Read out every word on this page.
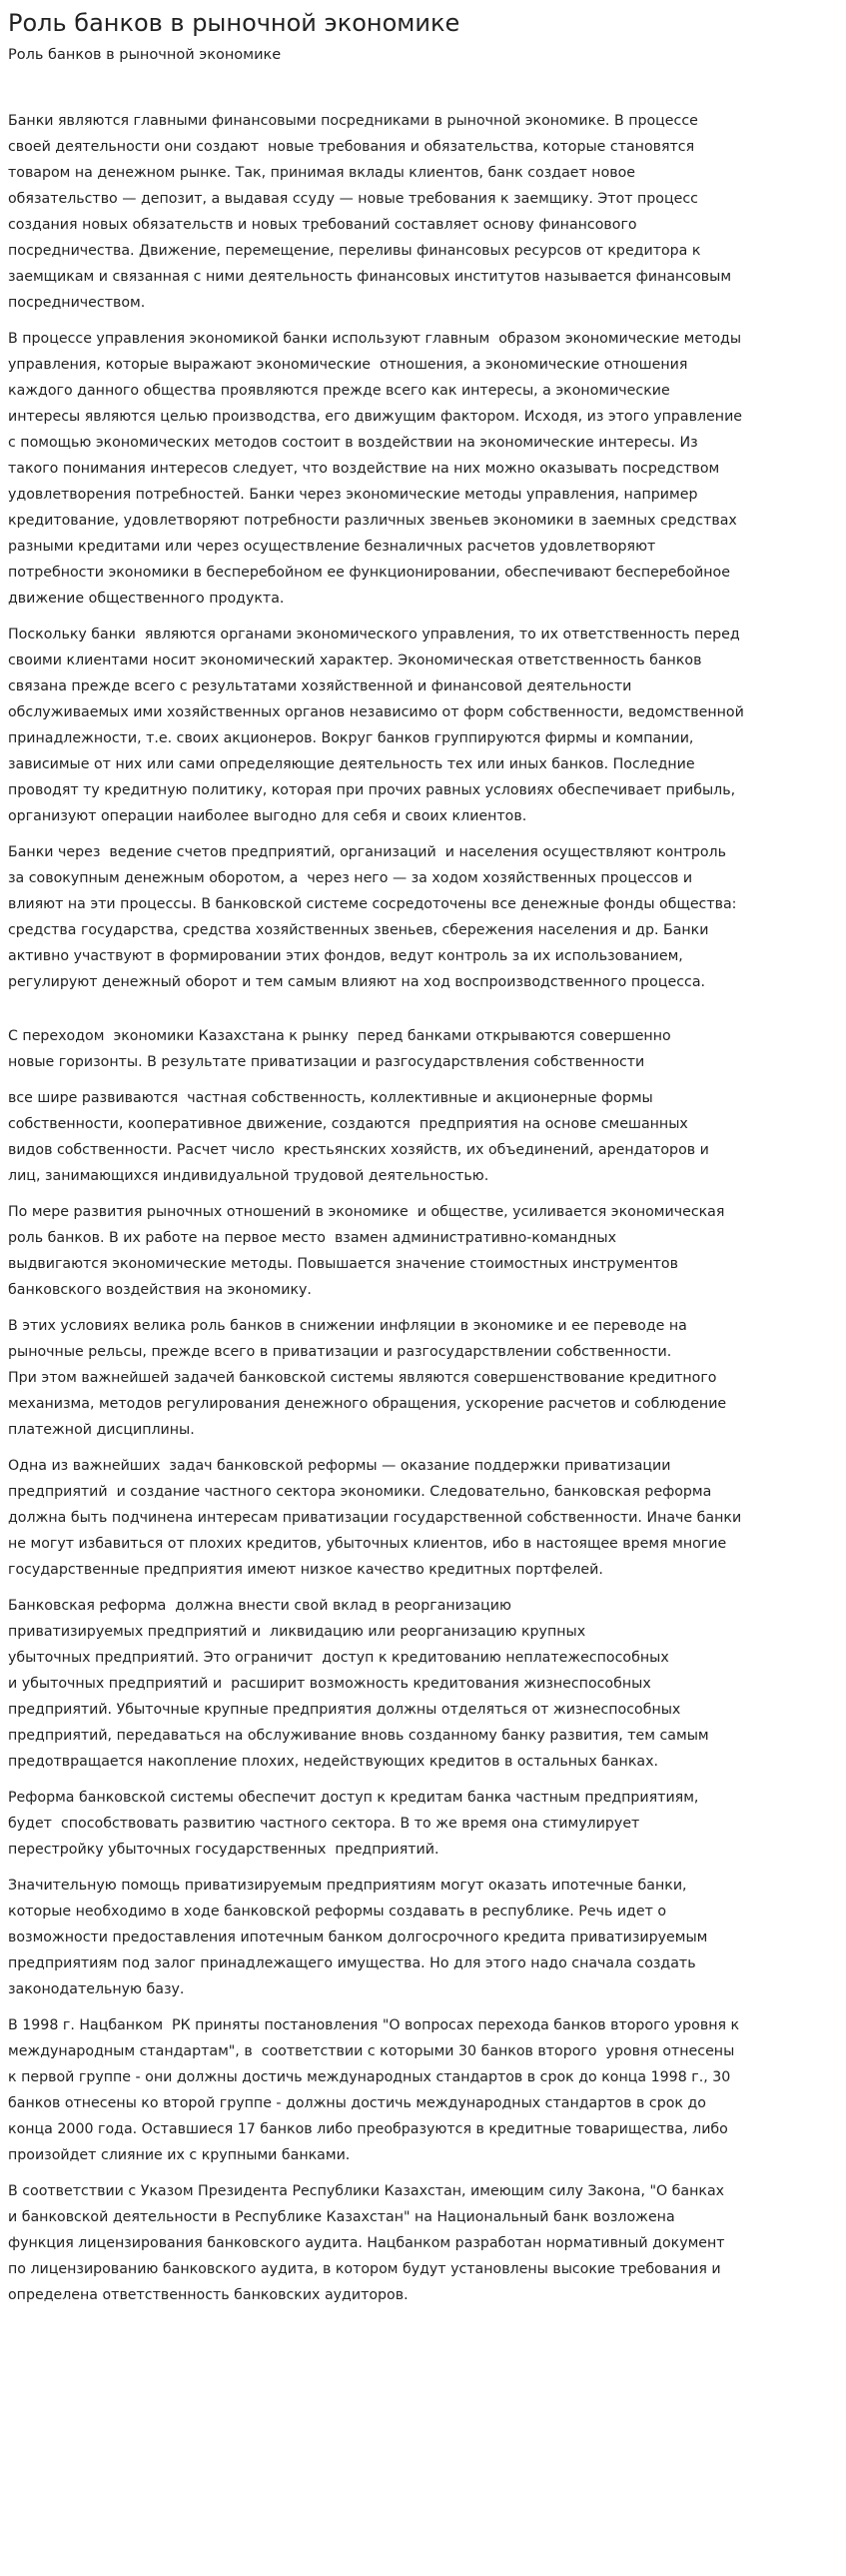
Роль банков в рыночной экономике
Роль банков в рыночной экономике
Банки являются главными финансовыми посредниками в рыночной экономике. В процессе
своей деятельности они создают  новые требования и обязательства, которые становятся
товаром на денежном рынке. Так, принимая вклады клиентов, банк создает новое
обязательство — депозит, а выдавая ссуду — новые требования к заемщику. Этот процесс
создания новых обязательств и новых требований составляет основу финансового
посредничества. Движение, перемещение, переливы финансовых ресурсов от кредитора к
заемщикам и связанная с ними деятельность финансовых институтов называется финансовым
посредничеством.
В процессе управления экономикой банки используют главным  образом экономические методы
управления, которые выражают экономические  отношения, а экономические отношения
каждого данного общества проявляются прежде всего как интересы, а экономические
интересы являются целью производства, его движущим фактором. Исходя, из этого управление
с помощью экономических методов состоит в воздействии на экономические интересы. Из
такого понимания интересов следует, что воздействие на них можно оказывать посредством
удовлетворения потребностей. Банки через экономические методы управления, например
кредитование, удовлетворяют потребности различных звеньев экономики в заемных средствах
разными кредитами или через осуществление безналичных расчетов удовлетворяют
потребности экономики в бесперебойном ее функционировании, обеспечивают бесперебойное
движение общественного продукта.
Поскольку банки  являются органами экономического управления, то их ответственность перед
своими клиентами носит экономический характер. Экономическая ответственность банков
связана прежде всего с результатами хозяйственной и финансовой деятельности
обслуживаемых ими хозяйственных органов независимо от форм собственности, ведомственной
принадлежности, т.е. своих акционеров. Вокруг банков группируются фирмы и компании,
зависимые от них или сами определяющие деятельность тех или иных банков. Последние
проводят ту кредитную политику, которая при прочих равных условиях обеспечивает прибыль,
организуют операции наиболее выгодно для себя и своих клиентов.
Банки через  ведение счетов предприятий, организаций  и населения осуществляют контроль
за совокупным денежным оборотом, а  через него — за ходом хозяйственных процессов и
влияют на эти процессы. В банковской системе сосредоточены все денежные фонды общества:
средства государства, средства хозяйственных звеньев, сбережения населения и др. Банки
активно участвуют в формировании этих фондов, ведут контроль за их использованием,
регулируют денежный оборот и тем самым влияют на ход воспроизводственного процесса.
С переходом  экономики Казахстана к рынку  перед банками открываются совершенно
новые горизонты. В результате приватизации и разгосударствления собственности
все шире развиваются  частная собственность, коллективные и акционерные формы
собственности, кооперативное движение, создаются  предприятия на основе смешанных
видов собственности. Расчет число  крестьянских хозяйств, их объединений, арендаторов и
лиц, занимающихся индивидуальной трудовой деятельностью.
По мере развития рыночных отношений в экономике  и обществе, усиливается экономическая
роль банков. В их работе на первое место  взамен административно-командных
выдвигаются экономические методы. Повышается значение стоимостных инструментов
банковского воздействия на экономику.
В этих условиях велика роль банков в снижении инфляции в экономике и ее переводе на
рыночные рельсы, прежде всего в приватизации и разгосударствлении собственности.
При этом важнейшей задачей банковской системы являются совершенствование кредитного
механизма, методов регулирования денежного обращения, ускорение расчетов и соблюдение
платежной дисциплины.
Одна из важнейших  задач банковской реформы — оказание поддержки приватизации
предприятий  и создание частного сектора экономики. Следовательно, банковская реформа
должна быть подчинена интересам приватизации государственной собственности. Иначе банки
не могут избавиться от плохих кредитов, убыточных клиентов, ибо в настоящее время многие
государственные предприятия имеют низкое качество кредитных портфелей.
Банковская реформа  должна внести свой вклад в реорганизацию
приватизируемых предприятий и  ликвидацию или реорганизацию крупных
убыточных предприятий. Это ограничит  доступ к кредитованию неплатежеспособных
и убыточных предприятий и  расширит возможность кредитования жизнеспособных
предприятий. Убыточные крупные предприятия должны отделяться от жизнеспособных
предприятий, передаваться на обслуживание вновь созданному банку развития, тем самым
предотвращается накопление плохих, недействующих кредитов в остальных банках.
Реформа банковской системы обеспечит доступ к кредитам банка частным предприятиям,
будет  способствовать развитию частного сектора. В то же время она стимулирует
перестройку убыточных государственных  предприятий.
Значительную помощь приватизируемым предприятиям могут оказать ипотечные банки,
которые необходимо в ходе банковской реформы создавать в республике. Речь идет о
возможности предоставления ипотечным банком долгосрочного кредита приватизируемым
предприятиям под залог принадлежащего имущества. Но для этого надо сначала создать
законодательную базу.
В 1998 г. Нацбанком  РК приняты постановления "О вопросах перехода банков второго уровня к
международным стандартам", в  соответствии с которыми 30 банков второго  уровня отнесены
к первой группе - они должны достичь международных стандартов в срок до конца 1998 г., 30
банков отнесены ко второй группе - должны достичь международных стандартов в срок до
конца 2000 года. Оставшиеся 17 банков либо преобразуются в кредитные товарищества, либо
произойдет слияние их с крупными банками.
В соответствии с Указом Президента Республики Казахстан, имеющим силу Закона, "О банках
и банковской деятельности в Республике Казахстан" на Национальный банк возложена
функция лицензирования банковского аудита. Нацбанком разработан нормативный документ
по лицензированию банковского аудита, в котором будут установлены высокие требования и
определена ответственность банковских аудиторов.
